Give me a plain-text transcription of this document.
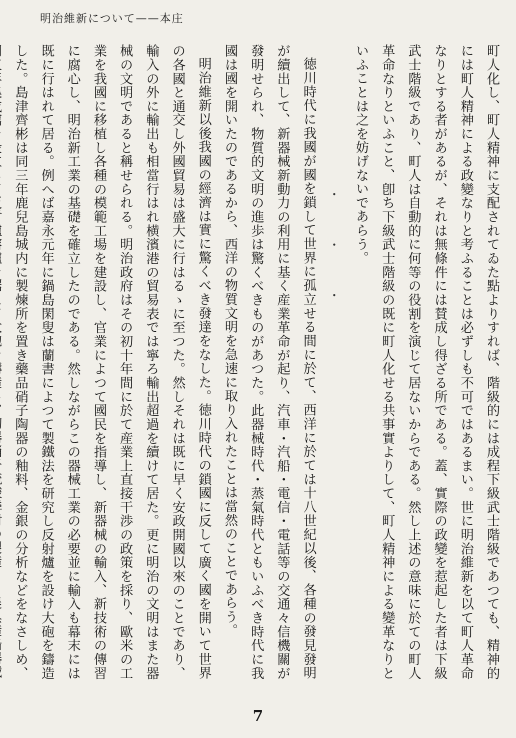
明治維新について——本庄

町人化し、町人精神に支配されてゐた點よりすれば、階級的には成程下級武士階級であつても、精神的には町人精神による政變なりと考ふることは必ずしも不可ではあるまい。世に明治維新を以て町人革命なりとする者があるが、それは無條件には賛成し得ざる所である。蓋、實際の政變を惹起した者は下級武士階級であり、町人は自動的に何等の役割を演じて居ないからである。然し上述の意味に於ての町人革命なりといふこと、卽ち下級武士階級の既に町人化せる共事實よりして、町人精神による變革なりといふことは之を妨げないであらう。

・・・

徳川時代に我國が國を鎖して世界に孤立せる間に於て、西洋に於ては十八世紀以後、各種の發見發明が續出して、新器械新動力の利用に基く産業革命が起り、汽車・汽船・電信・電話等の交通々信機關が發明せられ、物質的文明の進歩は驚くべきものがあつた。此器械時代・蒸氣時代ともいふべき時代に我國は國を開いたのであるから、西洋の物質文明を急速に取り入れたことは當然のことであらう。

明治維新以後我國の經濟は實に驚くべき發達をなした。徳川時代の鎖國に反して廣く國を開いて世界の各國と通交し外國貿易は盛大に行はるゝに至つた。然しそれは既に早く安政開國以來のことであり、輸入の外に輸出も相當行はれ横濱港の貿易表では寧ろ輸出超過を續けて居た。更に明治の文明はまた器械の文明であると稱せられる。明治政府はその初十年間に於て産業上直接干渉の政策を採り、歐米の工業を我國に移植し各種の模範工場を建設し、官業によつて國民を指導し、新器械の輸入、新技術の傳習に腐心し、明治新工業の基礎を確立したのである。然しながらこの器械工業の必要並に輸入も幕末には既に行はれて居る。例へば嘉永元年に鍋島閑叟は蘭書によつて製鐵法を研究し反射爐を設け大砲を鑄造した。島津齊彬は同三年鹿兒島城内に製煉所を置き藥品硝子陶器の釉料、金銀の分析などをなさしめ、

7
